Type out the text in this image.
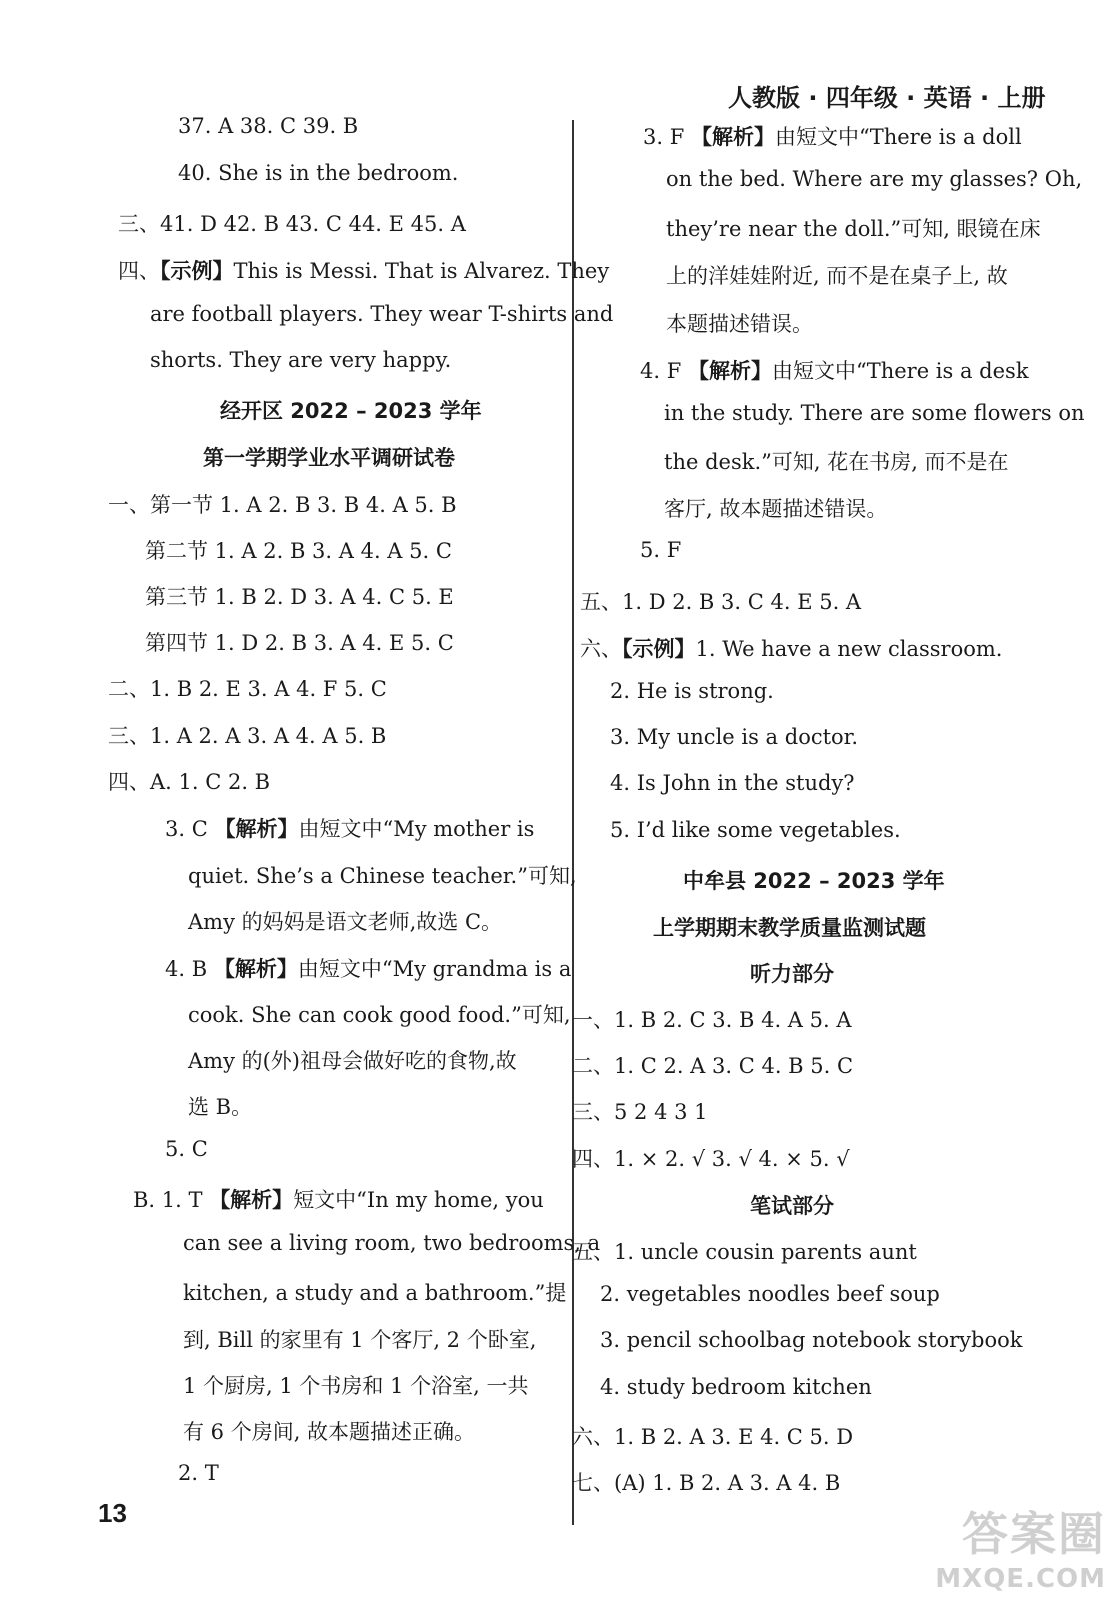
人教版 · 四年级 · 英语 · 上册
37. A 38. C 39. B
40. She is in the bedroom.
三、41. D 42. B 43. C 44. E 45. A
四、【示例】This is Messi. That is Alvarez. They
are football players. They wear T-shirts and
shorts. They are very happy.
经开区 2022 – 2023 学年
第一学期学业水平调研试卷
一、第一节 1. A 2. B 3. B 4. A 5. B
第二节 1. A 2. B 3. A 4. A 5. C
第三节 1. B 2. D 3. A 4. C 5. E
第四节 1. D 2. B 3. A 4. E 5. C
二、1. B 2. E 3. A 4. F 5. C
三、1. A 2. A 3. A 4. A 5. B
四、A. 1. C 2. B
3. C 【解析】由短文中“My mother is
quiet. She’s a Chinese teacher.”可知,
Amy 的妈妈是语文老师,故选 C。
4. B 【解析】由短文中“My grandma is a
cook. She can cook good food.”可知,
Amy 的(外)祖母会做好吃的食物,故
选 B。
5. C
B. 1. T 【解析】短文中“In my home, you
can see a living room, two bedrooms, a
kitchen, a study and a bathroom.”提
到, Bill 的家里有 1 个客厅, 2 个卧室,
1 个厨房, 1 个书房和 1 个浴室, 一共
有 6 个房间, 故本题描述正确。
2. T
13
3. F 【解析】由短文中“There is a doll
on the bed. Where are my glasses? Oh,
they’re near the doll.”可知, 眼镜在床
上的洋娃娃附近, 而不是在桌子上, 故
本题描述错误。
4. F 【解析】由短文中“There is a desk
in the study. There are some flowers on
the desk.”可知, 花在书房, 而不是在
客厅, 故本题描述错误。
5. F
五、1. D 2. B 3. C 4. E 5. A
六、【示例】1. We have a new classroom.
2. He is strong.
3. My uncle is a doctor.
4. Is John in the study?
5. I’d like some vegetables.
中牟县 2022 – 2023 学年
上学期期末教学质量监测试题
听力部分
一、1. B 2. C 3. B 4. A 5. A
二、1. C 2. A 3. C 4. B 5. C
三、5 2 4 3 1
四、1. × 2. √ 3. √ 4. × 5. √
笔试部分
五、1. uncle cousin parents aunt
2. vegetables noodles beef soup
3. pencil schoolbag notebook storybook
4. study bedroom kitchen
六、1. B 2. A 3. E 4. C 5. D
七、(A) 1. B 2. A 3. A 4. B
答案圈
MXQE.COM
